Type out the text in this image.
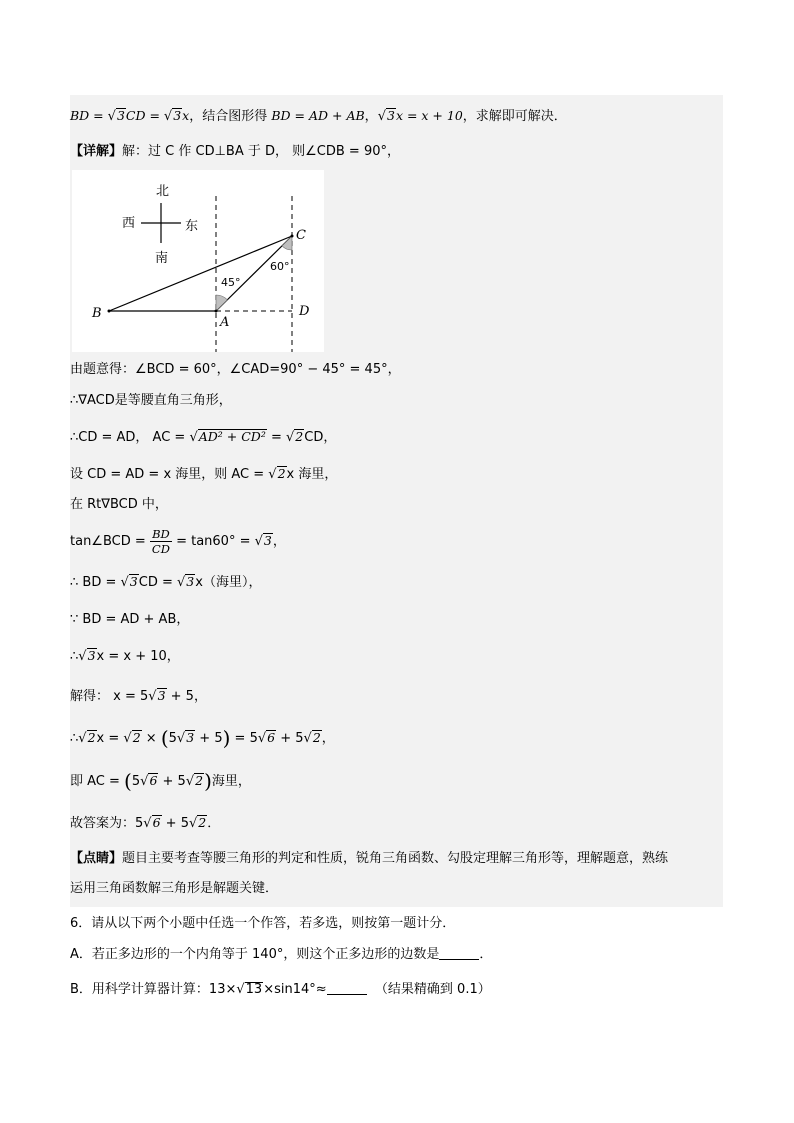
BD = √3CD = √3x，结合图形得 BD = AD + AB，√3x = x + 10，求解即可解决．
【详解】解：过 C 作 CD⊥BA 于 D， 则∠CDB = 90°，
北
南
西	东
B
A
C
D
45°
60°
由题意得：∠BCD = 60°，∠CAD=90° − 45° = 45°，
∴∇ACD是等腰直角三角形，
∴CD = AD， AC = √AD² + CD² = √2CD，
设 CD = AD = x 海里，则 AC = √2x 海里，
在 Rt∇BCD 中，
tan∠BCD = $\frac{BD}{CD} = \tan 60^\circ = √3$，
∴ BD = √3CD = √3x（海里），
∵ BD = AD + AB，
∴√3x = x + 10，
解得： x = 5√3 + 5，
∴√2x = √2 × (5√3 + 5) = 5√6 + 5√2，
即 AC = (5√6 + 5√2)海里，
故答案为：5√6 + 5√2．
【点睛】题目主要考查等腰三角形的判定和性质，锐角三角函数、勾股定理解三角形等，理解题意，熟练
运用三角函数解三角形是解题关键．
6．请从以下两个小题中任选一个作答，若多选，则按第一题计分．
A．若正多边形的一个内角等于 140°，则这个正多边形的边数是	．
B．用科学计算器计算：13×√13×sin14°≈	（结果精确到 0.1）
